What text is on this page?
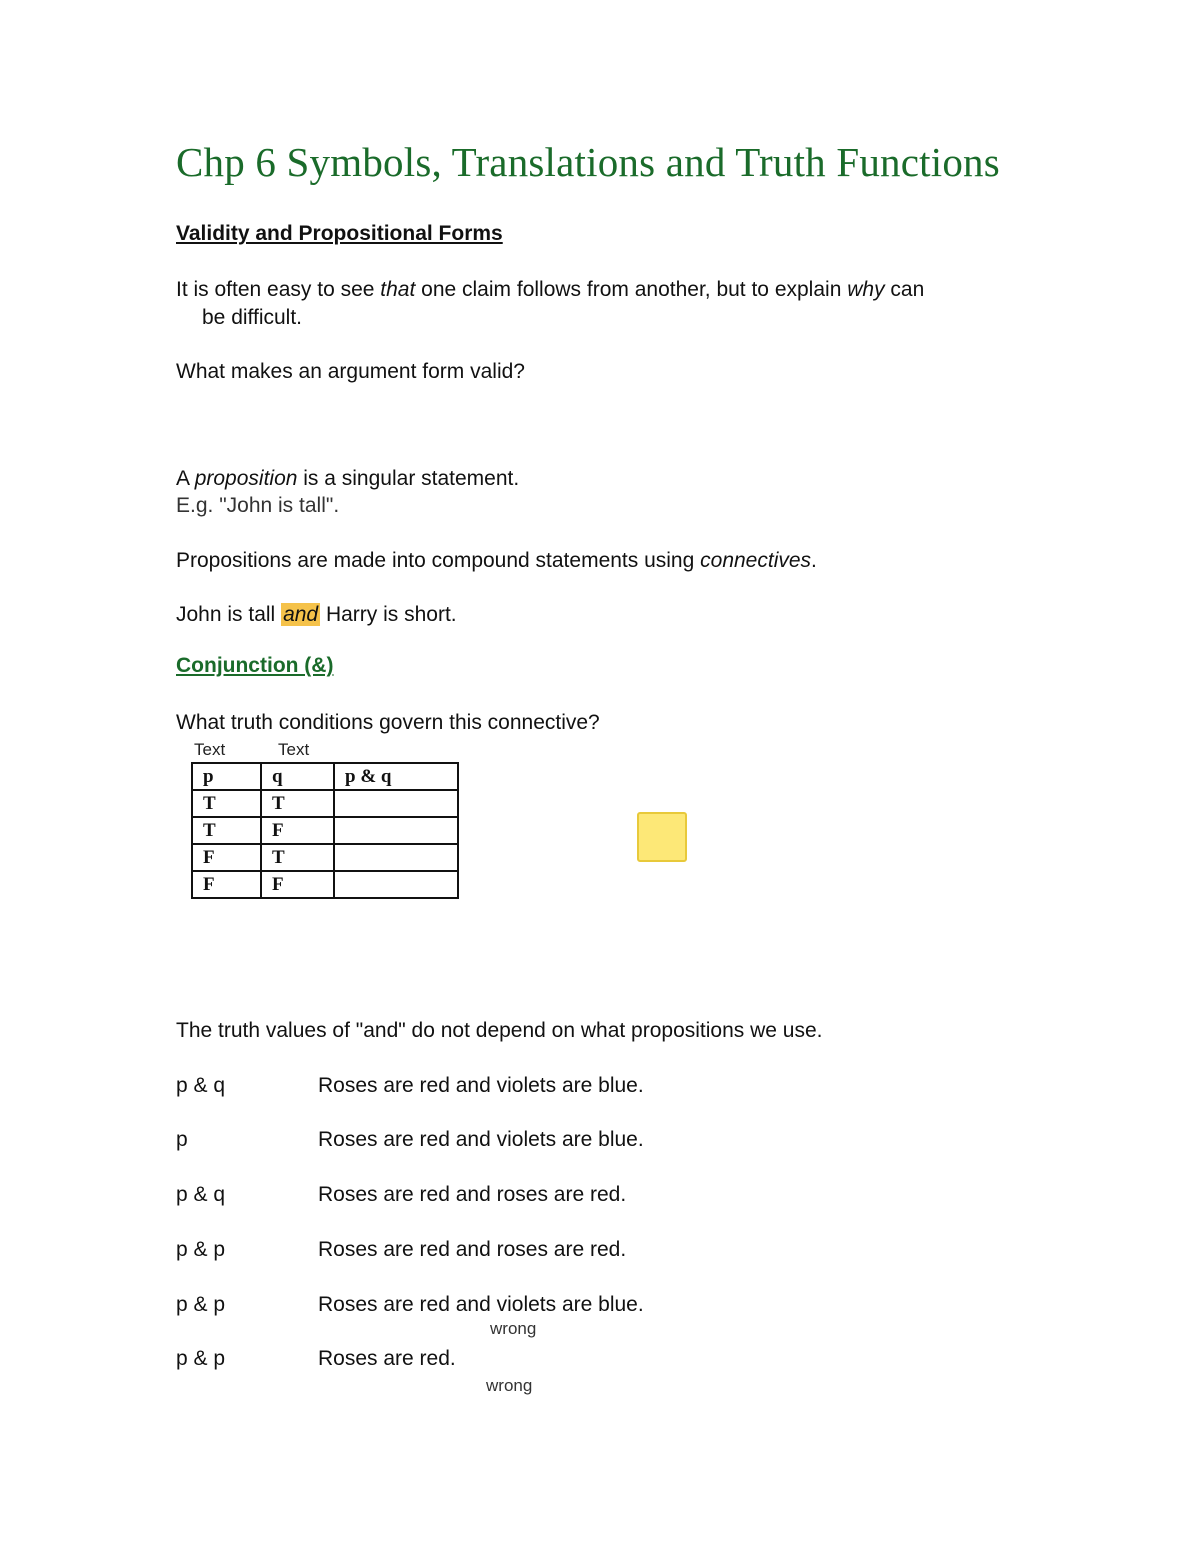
Chp 6 Symbols, Translations and Truth Functions
Validity and Propositional Forms
It is often easy to see that one claim follows from another, but to explain why can
be difficult.
What makes an argument form valid?
A proposition is a singular statement.
E.g. "John is tall".
Propositions are made into compound statements using connectives.
John is tall and Harry is short.
Conjunction (&)
What truth conditions govern this connective?
Text	Text
p	q	p & q
T	T	
T	F	
F	T	
F	F	
The truth values of "and" do not depend on what propositions we use.
p & q	Roses are red and violets are blue.
p	Roses are red and violets are blue.
p & q	Roses are red and roses are red.
p & p	Roses are red and roses are red.
p & p	Roses are red and violets are blue.
wrong
p & p	Roses are red.
wrong
